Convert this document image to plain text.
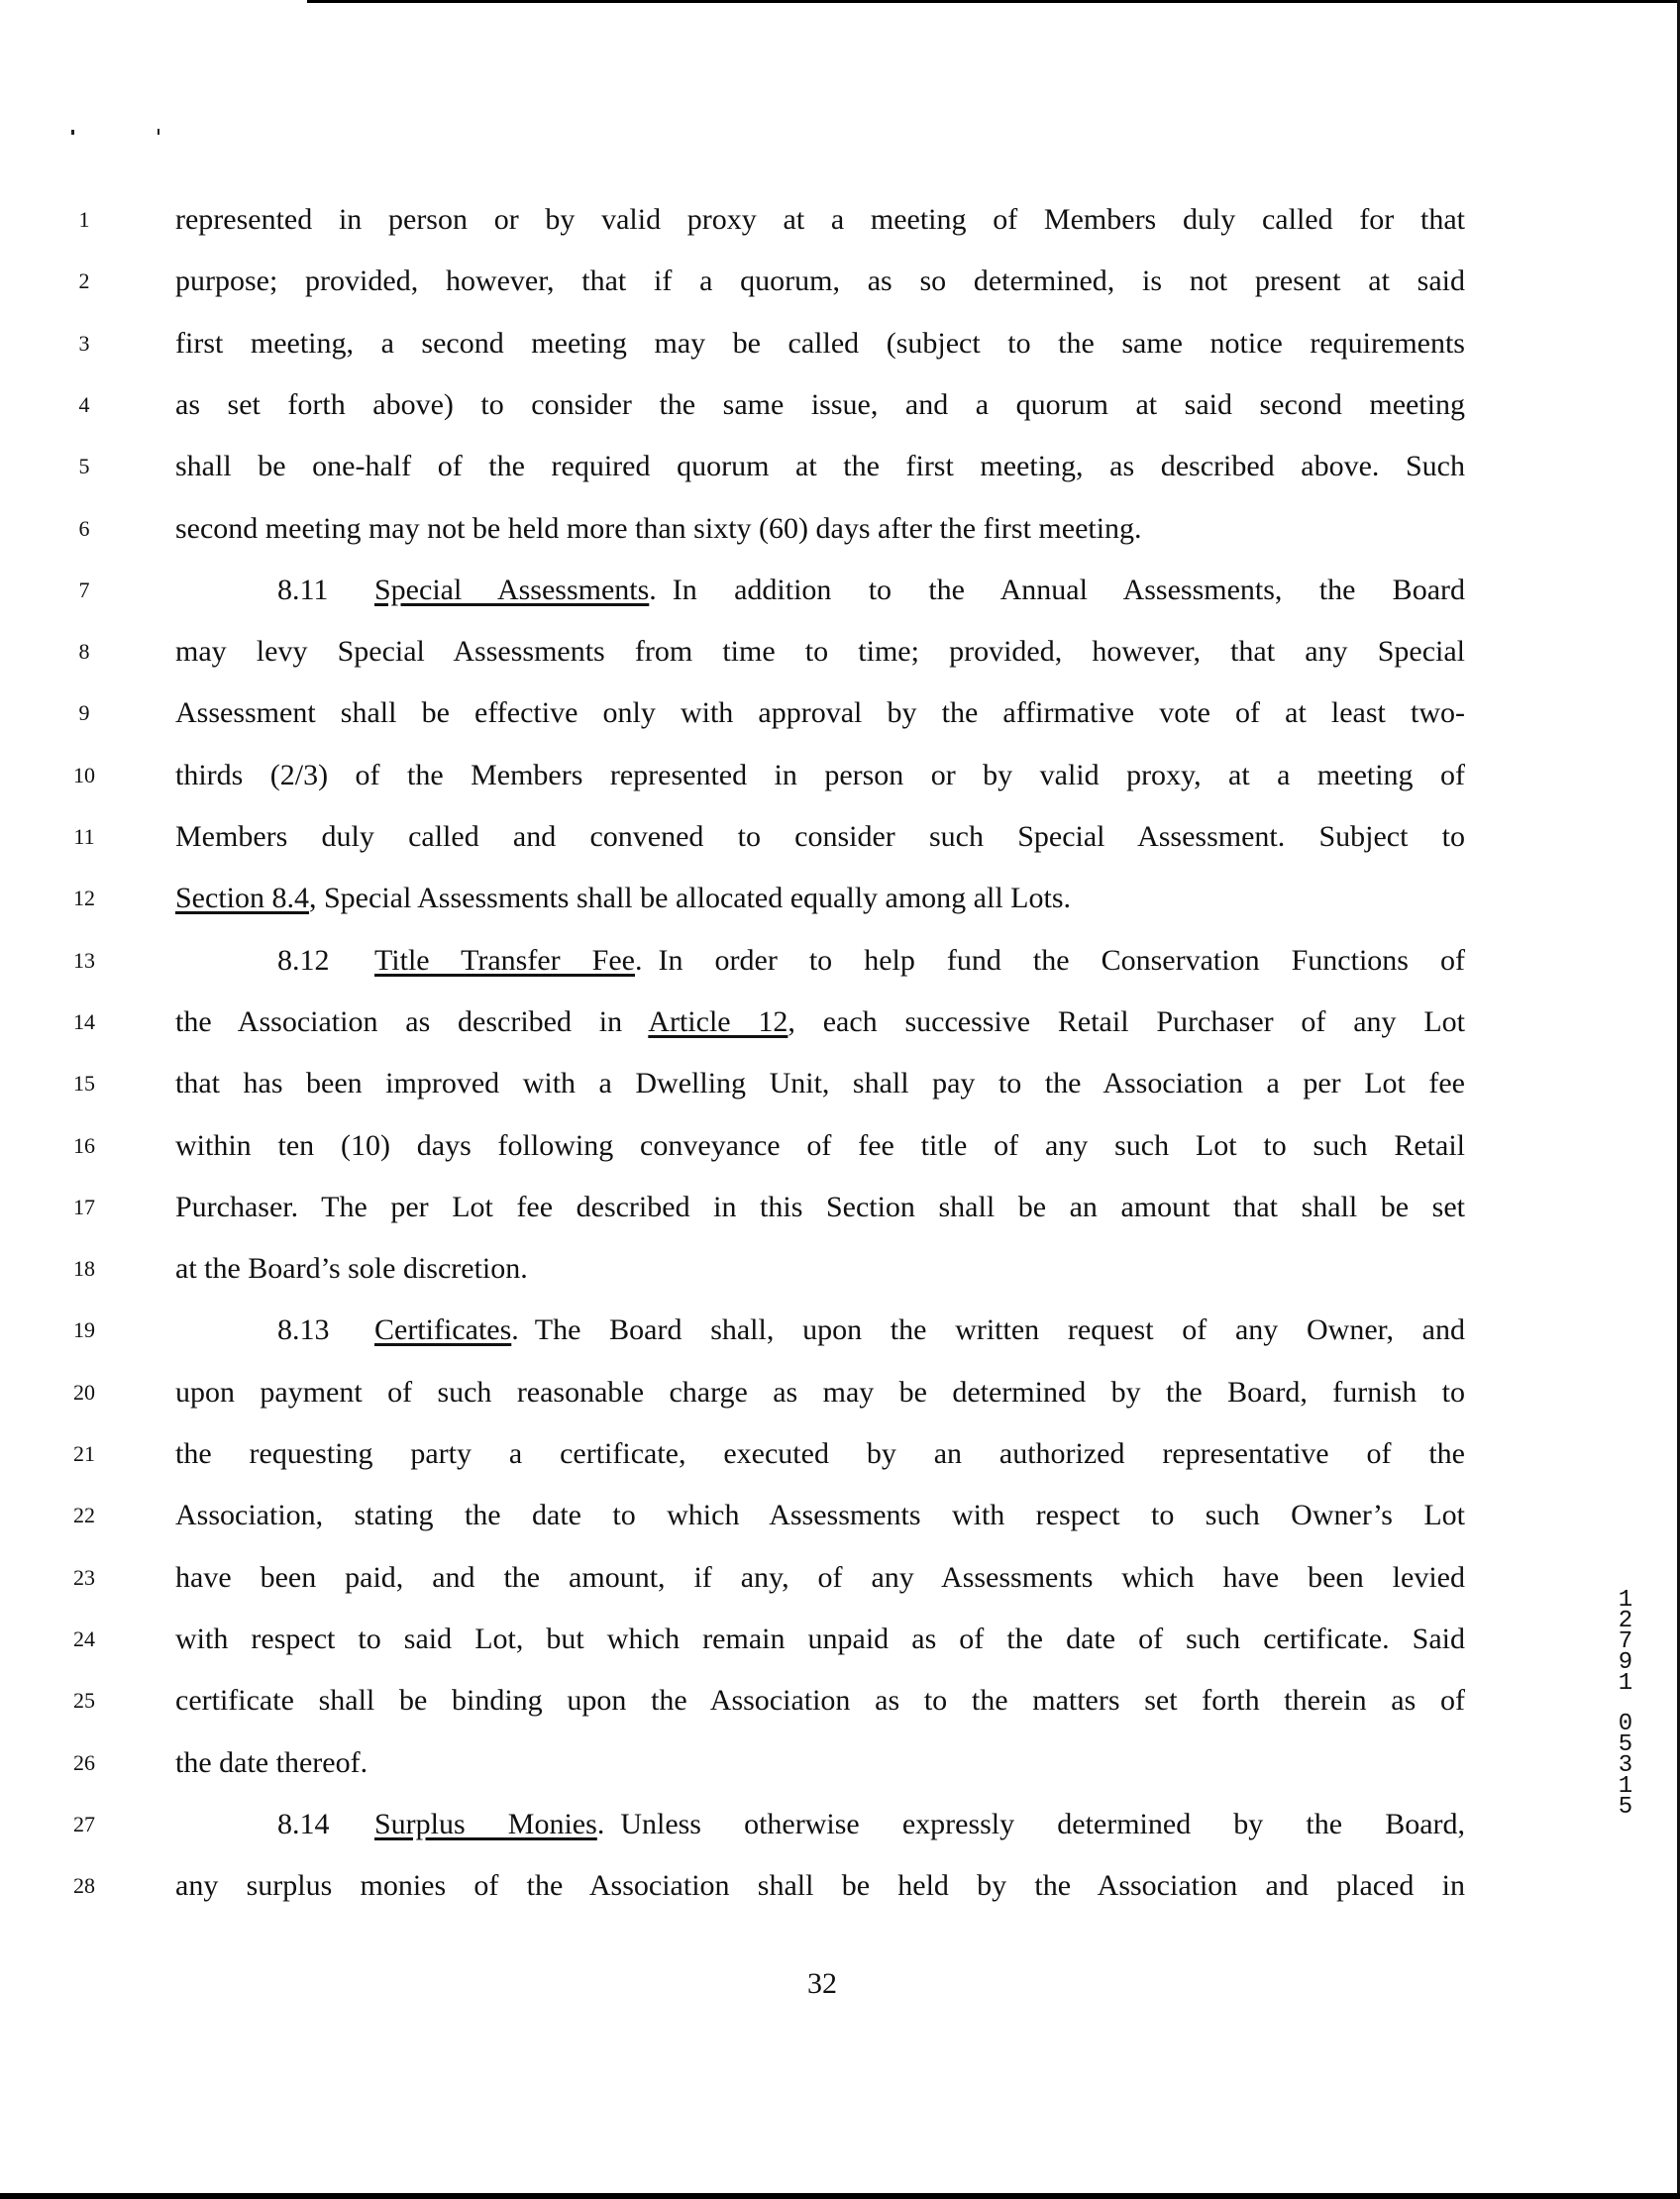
1	represented in person or by valid proxy at a meeting of Members duly called for that
2	purpose; provided, however, that if a quorum, as so determined, is not present at said
3	first meeting, a second meeting may be called (subject to the same notice requirements
4	as set forth above) to consider the same issue, and a quorum at said second meeting
5	shall be one-half of the required quorum at the first meeting, as described above. Such
6	second meeting may not be held more than sixty (60) days after the first meeting.
7	8.11 Special Assessments. In addition to the Annual Assessments, the Board
8	may levy Special Assessments from time to time; provided, however, that any Special
9	Assessment shall be effective only with approval by the affirmative vote of at least two-
10	thirds (2/3) of the Members represented in person or by valid proxy, at a meeting of
11	Members duly called and convened to consider such Special Assessment. Subject to
12	Section 8.4, Special Assessments shall be allocated equally among all Lots.
13	8.12 Title Transfer Fee. In order to help fund the Conservation Functions of
14	the Association as described in Article 12, each successive Retail Purchaser of any Lot
15	that has been improved with a Dwelling Unit, shall pay to the Association a per Lot fee
16	within ten (10) days following conveyance of fee title of any such Lot to such Retail
17	Purchaser. The per Lot fee described in this Section shall be an amount that shall be set
18	at the Board’s sole discretion.
19	8.13 Certificates. The Board shall, upon the written request of any Owner, and
20	upon payment of such reasonable charge as may be determined by the Board, furnish to
21	the requesting party a certificate, executed by an authorized representative of the
22	Association, stating the date to which Assessments with respect to such Owner’s Lot
23	have been paid, and the amount, if any, of any Assessments which have been levied
24	with respect to said Lot, but which remain unpaid as of the date of such certificate. Said
25	certificate shall be binding upon the Association as to the matters set forth therein as of
26	the date thereof.
27	8.14 Surplus Monies. Unless otherwise expressly determined by the Board,
28	any surplus monies of the Association shall be held by the Association and placed in
32
1
2
7
9
1
0
5
3
1
5
